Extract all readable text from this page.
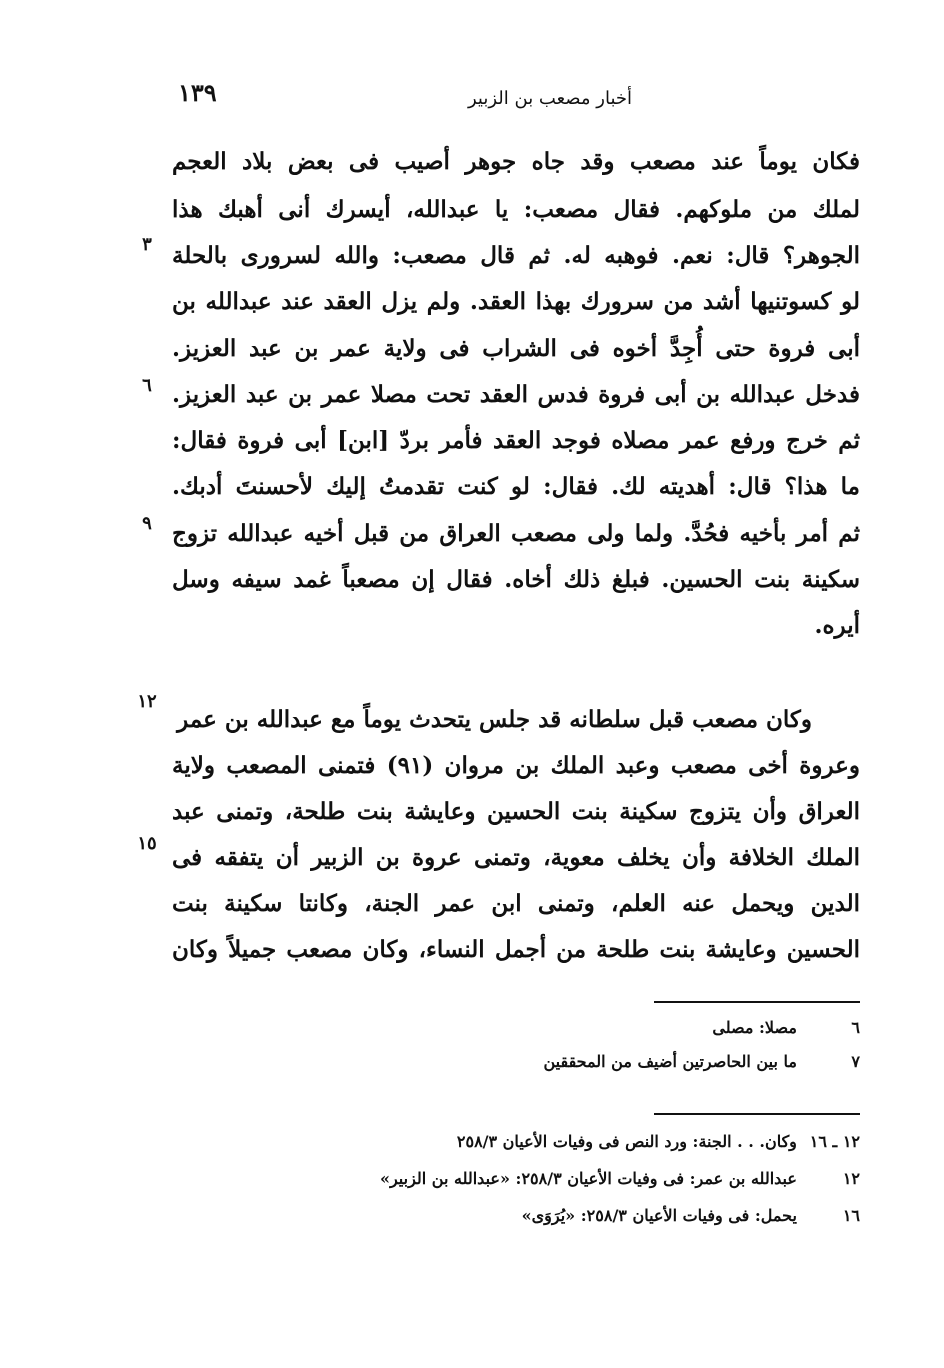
١٣٩	أخبار مصعب بن الزبير
فكان يوماً عند مصعب وقد جاه جوهر أصيب فى بعض بلاد العجم
لملك من ملوكهم. فقال مصعب: يا عبدالله، أيسرك أنى أهبك هذا
الجوهر؟ قال: نعم. فوهبه له. ثم قال مصعب: والله لسرورى بالحلة
لو كسوتنيها أشد من سرورك بهذا العقد. ولم يزل العقد عند عبدالله بن
أبى فروة حتى أُجِدَّ أخوه فى الشراب فى ولاية عمر بن عبد العزيز.
فدخل عبدالله بن أبى فروة فدس العقد تحت مصلا عمر بن عبد العزيز.
ثم خرج ورفع عمر مصلاه فوجد العقد فأمر بردّ [ابن] أبى فروة فقال:
ما هذا؟ قال: أهديته لك. فقال: لو كنت تقدمتُ إليك لأحسنتَ أدبك.
ثم أمر بأخيه فحُدَّ. ولما ولى مصعب العراق من قبل أخيه عبدالله تزوج
سكينة بنت الحسين. فبلغ ذلك أخاه. فقال إن مصعباً غمد سيفه وسل
أيره.
وكان مصعب قبل سلطانه قد جلس يتحدث يوماً مع عبدالله بن عمر
وعروة أخى مصعب وعبد الملك بن مروان (٩١) فتمنى المصعب ولاية
العراق وأن يتزوج سكينة بنت الحسين وعايشة بنت طلحة، وتمنى عبد
الملك الخلافة وأن يخلف معوية، وتمنى عروة بن الزبير أن يتفقه فى
الدين ويحمل عنه العلم، وتمنى ابن عمر الجنة، وكانتا سكينة بنت
الحسين وعايشة بنت طلحة من أجمل النساء، وكان مصعب جميلاً وكان
٣
٦
٩
١٢
١٥
٦ مصلا: مصلى
٧ ما بين الحاصرتين أضيف من المحققين
١٢ ـ ١٦ وكان. . . الجنة: ورد النص فى وفيات الأعيان ٢٥٨/٣
١٢ عبدالله بن عمر: فى وفيات الأعيان ٢٥٨/٣: «عبدالله بن الزبير»
١٦ يحمل: فى وفيات الأعيان ٢٥٨/٣: «يُرَوَى»
